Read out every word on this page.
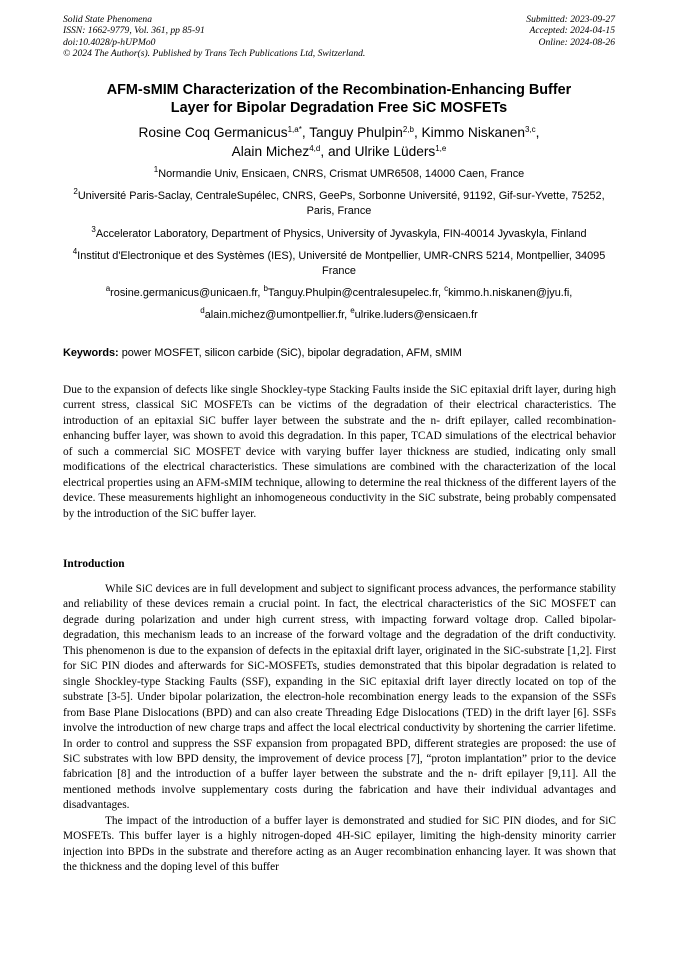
Solid State Phenomena
ISSN: 1662-9779, Vol. 361, pp 85-91
doi:10.4028/p-hUPMo0
© 2024 The Author(s). Published by Trans Tech Publications Ltd, Switzerland.
Submitted: 2023-09-27
Accepted: 2024-04-15
Online: 2024-08-26
AFM-sMIM Characterization of the Recombination-Enhancing Buffer
Layer for Bipolar Degradation Free SiC MOSFETs
Rosine Coq Germanicus$^{1,a*}$, Tanguy Phulpin$^{2,b}$, Kimmo Niskanen$^{3,c}$,
Alain Michez$^{4,d}$, and Ulrike Lüders$^{1,e}$
$^1$Normandie Univ, Ensicaen, CNRS, Crismat UMR6508, 14000 Caen, France
$^2$Université Paris-Saclay, CentraleSupélec, CNRS, GeePs, Sorbonne Université, 91192, Gif-sur-Yvette, 75252, Paris, France
$^3$Accelerator Laboratory, Department of Physics, University of Jyvaskyla, FIN-40014 Jyvaskyla, Finland
$^4$Institut d'Electronique et des Systèmes (IES), Université de Montpellier, UMR-CNRS 5214, Montpellier, 34095 France
$^a$rosine.germanicus@unicaen.fr, $^b$Tanguy.Phulpin@centralesupelec.fr, $^c$kimmo.h.niskanen@jyu.fi,
$^d$alain.michez@umontpellier.fr, $^e$ulrike.luders@ensicaen.fr
Keywords: power MOSFET, silicon carbide (SiC), bipolar degradation, AFM, sMIM
Due to the expansion of defects like single Shockley-type Stacking Faults inside the SiC epitaxial drift layer, during high current stress, classical SiC MOSFETs can be victims of the degradation of their electrical characteristics. The introduction of an epitaxial SiC buffer layer between the substrate and the n- drift epilayer, called recombination-enhancing buffer layer, was shown to avoid this degradation. In this paper, TCAD simulations of the electrical behavior of such a commercial SiC MOSFET device with varying buffer layer thickness are studied, indicating only small modifications of the electrical characteristics. These simulations are combined with the characterization of the local electrical properties using an AFM-sMIM technique, allowing to determine the real thickness of the different layers of the device. These measurements highlight an inhomogeneous conductivity in the SiC substrate, being probably compensated by the introduction of the SiC buffer layer.
Introduction

While SiC devices are in full development and subject to significant process advances, the performance stability and reliability of these devices remain a crucial point. In fact, the electrical characteristics of the SiC MOSFET can degrade during polarization and under high current stress, with impacting forward voltage drop. Called bipolar-degradation, this mechanism leads to an increase of the forward voltage and the degradation of the drift conductivity. This phenomenon is due to the expansion of defects in the epitaxial drift layer, originated in the SiC-substrate [1,2]. First for SiC PIN diodes and afterwards for SiC-MOSFETs, studies demonstrated that this bipolar degradation is related to single Shockley-type Stacking Faults (SSF), expanding in the SiC epitaxial drift layer directly located on top of the substrate [3-5]. Under bipolar polarization, the electron-hole recombination energy leads to the expansion of the SSFs from Base Plane Dislocations (BPD) and can also create Threading Edge Dislocations (TED) in the drift layer [6]. SSFs involve the introduction of new charge traps and affect the local electrical conductivity by shortening the carrier lifetime. In order to control and suppress the SSF expansion from propagated BPD, different strategies are proposed: the use of SiC substrates with low BPD density, the improvement of device process [7], “proton implantation” prior to the device fabrication [8] and the introduction of a buffer layer between the substrate and the n- drift epilayer [9,11]. All the mentioned methods involve supplementary costs during the fabrication and have their individual advantages and disadvantages.

The impact of the introduction of a buffer layer is demonstrated and studied for SiC PIN diodes, and for SiC MOSFETs. This buffer layer is a highly nitrogen-doped 4H-SiC epilayer, limiting the high-density minority carrier injection into BPDs in the substrate and therefore acting as an Auger recombination enhancing layer. It was shown that the thickness and the doping level of this buffer
